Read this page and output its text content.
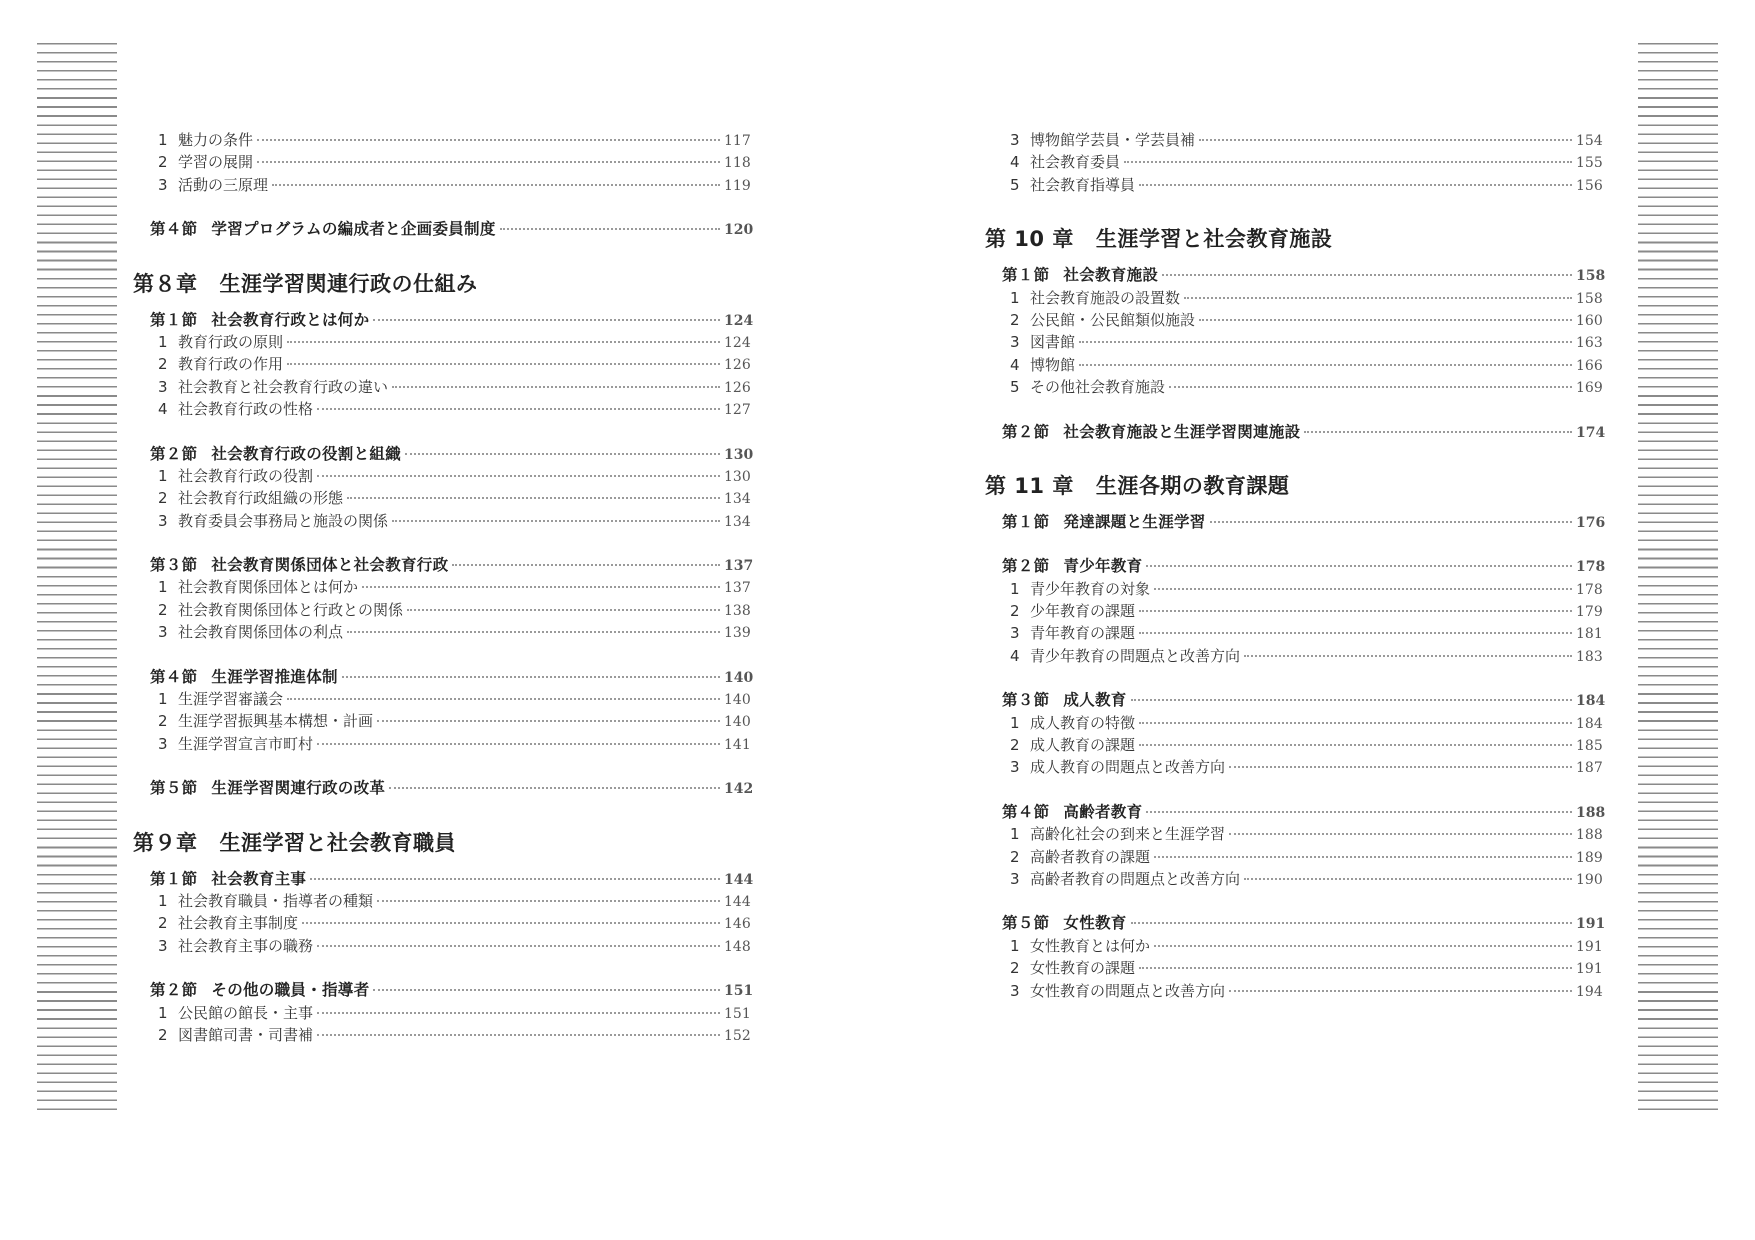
1 魅力の条件	117
2 学習の展開	118
3 活動の三原理	119
第４節 学習プログラムの編成者と企画委員制度	120
第８章 生涯学習関連行政の仕組み
第１節 社会教育行政とは何か	124
1 教育行政の原則	124
2 教育行政の作用	126
3 社会教育と社会教育行政の違い	126
4 社会教育行政の性格	127
第２節 社会教育行政の役割と組織	130
1 社会教育行政の役割	130
2 社会教育行政組織の形態	134
3 教育委員会事務局と施設の関係	134
第３節 社会教育関係団体と社会教育行政	137
1 社会教育関係団体とは何か	137
2 社会教育関係団体と行政との関係	138
3 社会教育関係団体の利点	139
第４節 生涯学習推進体制	140
1 生涯学習審議会	140
2 生涯学習振興基本構想・計画	140
3 生涯学習宣言市町村	141
第５節 生涯学習関連行政の改革	142
第９章 生涯学習と社会教育職員
第１節 社会教育主事	144
1 社会教育職員・指導者の種類	144
2 社会教育主事制度	146
3 社会教育主事の職務	148
第２節 その他の職員・指導者	151
1 公民館の館長・主事	151
2 図書館司書・司書補	152
3 博物館学芸員・学芸員補	154
4 社会教育委員	155
5 社会教育指導員	156
第 10 章 生涯学習と社会教育施設
第１節 社会教育施設	158
1 社会教育施設の設置数	158
2 公民館・公民館類似施設	160
3 図書館	163
4 博物館	166
5 その他社会教育施設	169
第２節 社会教育施設と生涯学習関連施設	174
第 11 章 生涯各期の教育課題
第１節 発達課題と生涯学習	176
第２節 青少年教育	178
1 青少年教育の対象	178
2 少年教育の課題	179
3 青年教育の課題	181
4 青少年教育の問題点と改善方向	183
第３節 成人教育	184
1 成人教育の特徴	184
2 成人教育の課題	185
3 成人教育の問題点と改善方向	187
第４節 高齢者教育	188
1 高齢化社会の到来と生涯学習	188
2 高齢者教育の課題	189
3 高齢者教育の問題点と改善方向	190
第５節 女性教育	191
1 女性教育とは何か	191
2 女性教育の課題	191
3 女性教育の問題点と改善方向	194
